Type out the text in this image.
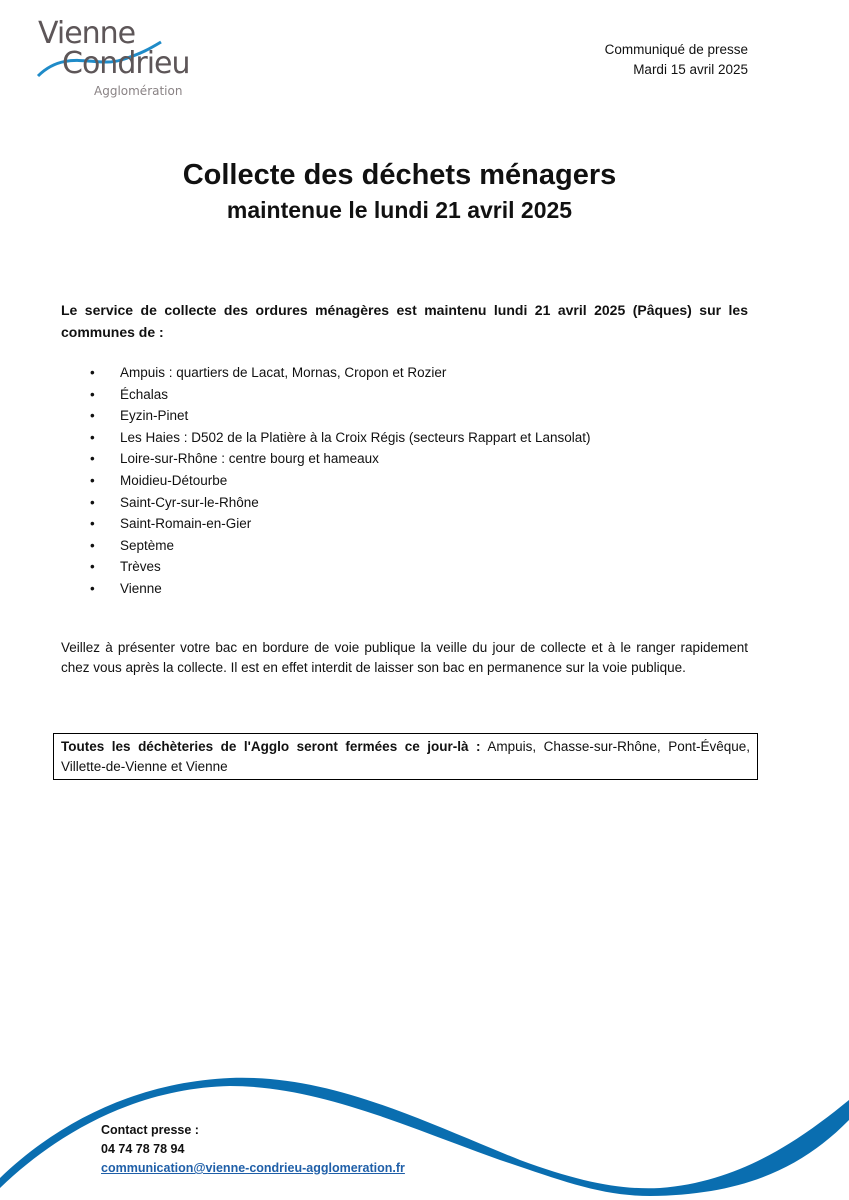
Vienne
Condrieu
Agglomération
Communiqué de presse
Mardi 15 avril 2025
Collecte des déchets ménagers
maintenue le lundi 21 avril 2025
Le service de collecte des ordures ménagères est maintenu lundi 21 avril 2025 (Pâques) sur les communes de :
• Ampuis : quartiers de Lacat, Mornas, Cropon et Rozier
• Échalas
• Eyzin-Pinet
• Les Haies : D502 de la Platière à la Croix Régis (secteurs Rappart et Lansolat)
• Loire-sur-Rhône : centre bourg et hameaux
• Moidieu-Détourbe
• Saint-Cyr-sur-le-Rhône
• Saint-Romain-en-Gier
• Septème
• Trèves
• Vienne
Veillez à présenter votre bac en bordure de voie publique la veille du jour de collecte et à le ranger rapidement chez vous après la collecte. Il est en effet interdit de laisser son bac en permanence sur la voie publique.
Toutes les déchèteries de l'Agglo seront fermées ce jour-là : Ampuis, Chasse-sur-Rhône, Pont-Évêque, Villette-de-Vienne et Vienne
Contact presse :
04 74 78 78 94
communication@vienne-condrieu-agglomeration.fr
